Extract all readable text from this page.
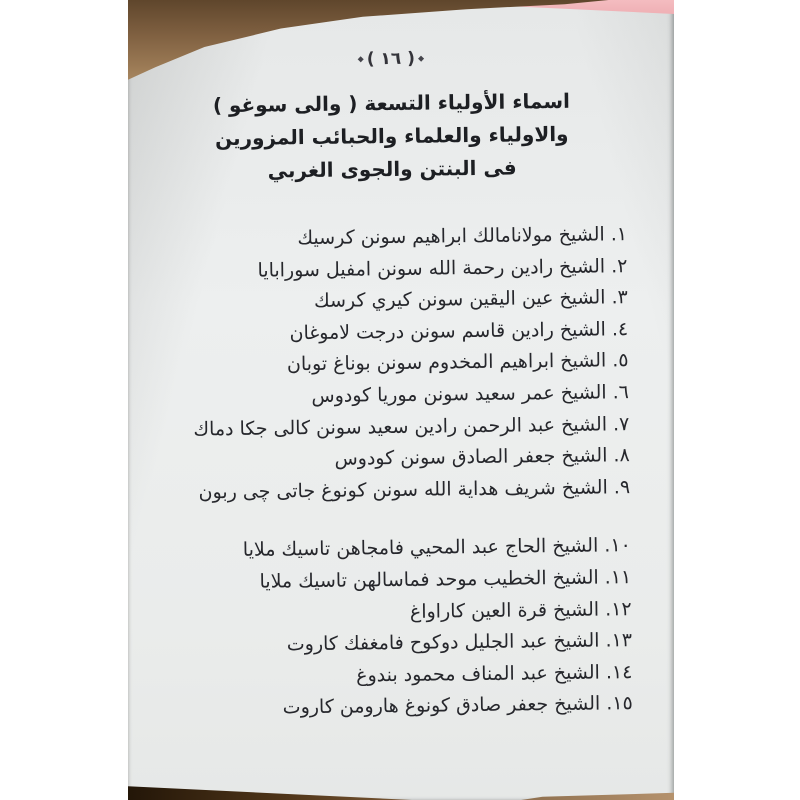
◆( ١٦ )◆
اسماء الأولياء التسعة ( والى سوغو )
والاولياء والعلماء والحبائب المزورين
فى البنتن والجوى الغربي
١. الشيخ مولانامالك ابراهيم سونن كرسيك
٢. الشيخ رادين رحمة الله سونن امفيل سورابايا
٣. الشيخ عين اليقين سونن كيري كرسك
٤. الشيخ رادين قاسم سونن درجت لاموغان
٥. الشيخ ابراهيم المخدوم سونن بوناغ توبان
٦. الشيخ عمر سعيد سونن موريا كودوس
٧. الشيخ عبد الرحمن رادين سعيد سونن كالى جكا دماك
٨. الشيخ جعفر الصادق سونن كودوس
٩. الشيخ شريف هداية الله سونن كونوغ جاتى چى ربون
١٠. الشيخ الحاج عبد المحيي فامجاهن تاسيك ملايا
١١. الشيخ الخطيب موحد فماسالهن تاسيك ملايا
١٢. الشيخ قرة العين كاراواغ
١٣. الشيخ عبد الجليل دوكوح فامغفك كاروت
١٤. الشيخ عبد المناف محمود بندوغ
١٥. الشيخ جعفر صادق كونوغ هارومن كاروت
